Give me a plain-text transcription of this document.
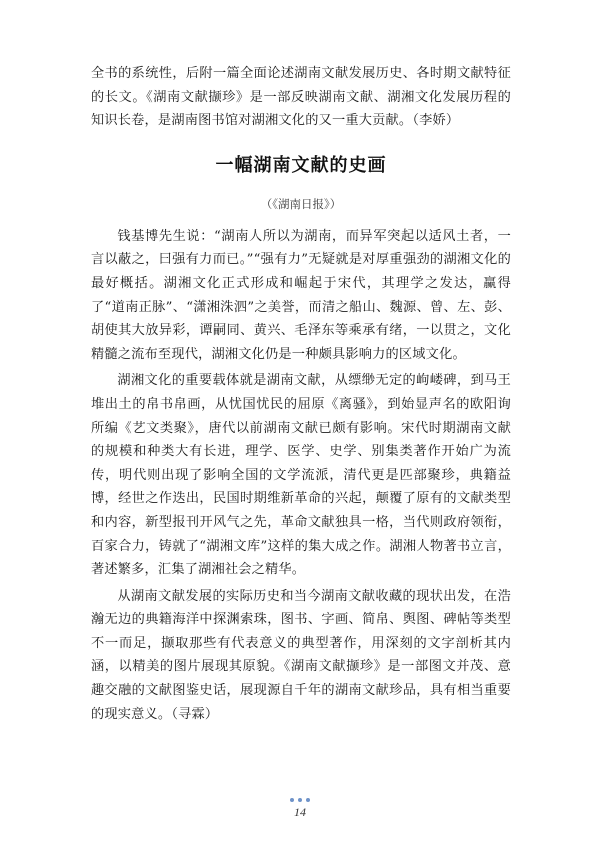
全书的系统性，后附一篇全面论述湖南文献发展历史、各时期文献特征的长文。《湖南文献撷珍》是一部反映湖南文献、湖湘文化发展历程的知识长卷，是湖南图书馆对湖湘文化的又一重大贡献。（李娇）

一幅湖南文献的史画
（《湖南日报》）

钱基博先生说：“湖南人所以为湖南，而异军突起以适风土者，一言以蔽之，曰强有力而已。”“强有力”无疑就是对厚重强劲的湖湘文化的最好概括。湖湘文化正式形成和崛起于宋代，其理学之发达，赢得了“道南正脉”、“潇湘洙泗”之美誉，而清之船山、魏源、曾、左、彭、胡使其大放异彩，谭嗣同、黄兴、毛泽东等乘承有绪，一以贯之，文化精髓之流布至现代，湖湘文化仍是一种颇具影响力的区域文化。

湖湘文化的重要载体就是湖南文献，从缥缈无定的岣嵝碑，到马王堆出土的帛书帛画，从忧国忧民的屈原《离骚》，到始显声名的欧阳询所编《艺文类聚》，唐代以前湖南文献已颇有影响。宋代时期湖南文献的规模和种类大有长进，理学、医学、史学、别集类著作开始广为流传，明代则出现了影响全国的文学流派，清代更是匹部聚珍，典籍益博，经世之作迭出，民国时期维新革命的兴起，颠覆了原有的文献类型和内容，新型报刊开风气之先，革命文献独具一格，当代则政府领衔，百家合力，铸就了“湖湘文库”这样的集大成之作。湖湘人物著书立言，著述繁多，汇集了湖湘社会之精华。

从湖南文献发展的实际历史和当今湖南文献收藏的现状出发，在浩瀚无边的典籍海洋中探渊索珠，图书、字画、简帛、舆图、碑帖等类型不一而足，撷取那些有代表意义的典型著作，用深刻的文字剖析其内涵，以精美的图片展现其原貌。《湖南文献撷珍》是一部图文并茂、意趣交融的文献图鉴史话，展现源自千年的湖南文献珍品，具有相当重要的现实意义。（寻霖）

14
